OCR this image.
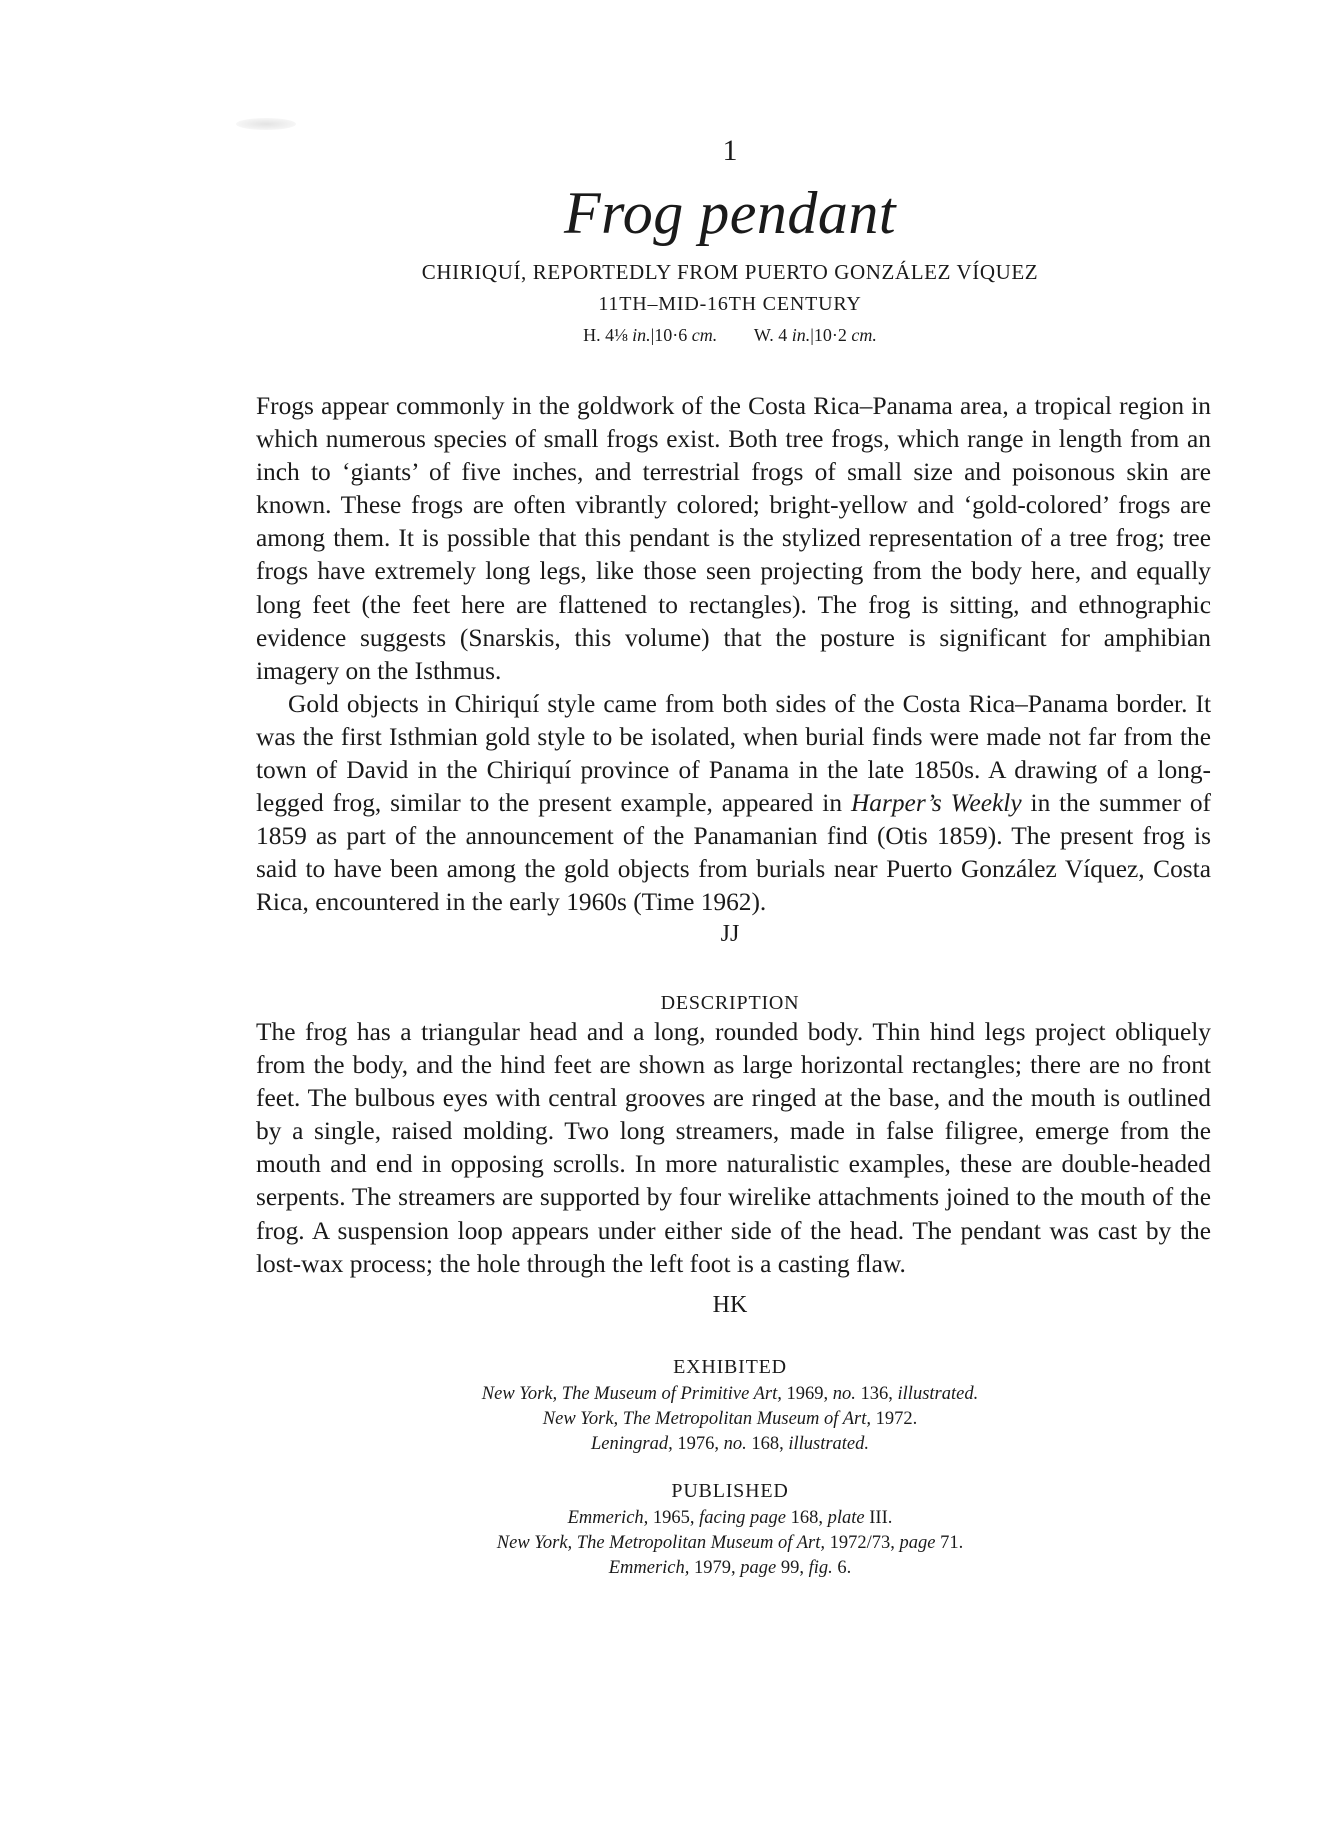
1
Frog pendant
CHIRIQUÍ, REPORTEDLY FROM PUERTO GONZÁLEZ VÍQUEZ
11TH–MID-16TH CENTURY
H. 4⅛ in.|10·6 cm. W. 4 in.|10·2 cm.

Frogs appear commonly in the goldwork of the Costa Rica–Panama area, a tropical region in which numerous species of small frogs exist. Both tree frogs, which range in length from an inch to ‘giants’ of five inches, and terrestrial frogs of small size and poisonous skin are known. These frogs are often vibrantly colored; bright-yellow and ‘gold-colored’ frogs are among them. It is possible that this pendant is the stylized representation of a tree frog; tree frogs have extremely long legs, like those seen projecting from the body here, and equally long feet (the feet here are flattened to rectangles). The frog is sitting, and ethnographic evidence suggests (Snarskis, this volume) that the posture is significant for amphibian imagery on the Isthmus.

Gold objects in Chiriquí style came from both sides of the Costa Rica–Panama border. It was the first Isthmian gold style to be isolated, when burial finds were made not far from the town of David in the Chiriquí province of Panama in the late 1850s. A drawing of a long-legged frog, similar to the present example, appeared in Harper’s Weekly in the summer of 1859 as part of the announcement of the Panamanian find (Otis 1859). The present frog is said to have been among the gold objects from burials near Puerto González Víquez, Costa Rica, encountered in the early 1960s (Time 1962).

JJ
DESCRIPTION

The frog has a triangular head and a long, rounded body. Thin hind legs project obliquely from the body, and the hind feet are shown as large horizontal rectangles; there are no front feet. The bulbous eyes with central grooves are ringed at the base, and the mouth is outlined by a single, raised molding. Two long streamers, made in false filigree, emerge from the mouth and end in opposing scrolls. In more naturalistic examples, these are double-headed serpents. The streamers are supported by four wirelike attachments joined to the mouth of the frog. A suspension loop appears under either side of the head. The pendant was cast by the lost-wax process; the hole through the left foot is a casting flaw.

HK
EXHIBITED
New York, The Museum of Primitive Art, 1969, no. 136, illustrated.
New York, The Metropolitan Museum of Art, 1972.
Leningrad, 1976, no. 168, illustrated.
PUBLISHED
Emmerich, 1965, facing page 168, plate III.
New York, The Metropolitan Museum of Art, 1972/73, page 71.
Emmerich, 1979, page 99, fig. 6.
